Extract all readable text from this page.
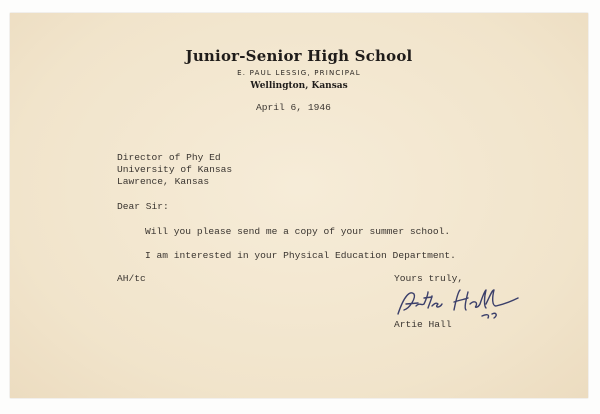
Junior-Senior High School
E. PAUL LESSIG, PRINCIPAL
Wellington, Kansas
April 6, 1946
Director of Phy Ed
University of Kansas
Lawrence, Kansas
Dear Sir:
Will you please send me a copy of your summer school.
I am interested in your Physical Education Department.
AH/tc	Yours truly,
Artie Hall
